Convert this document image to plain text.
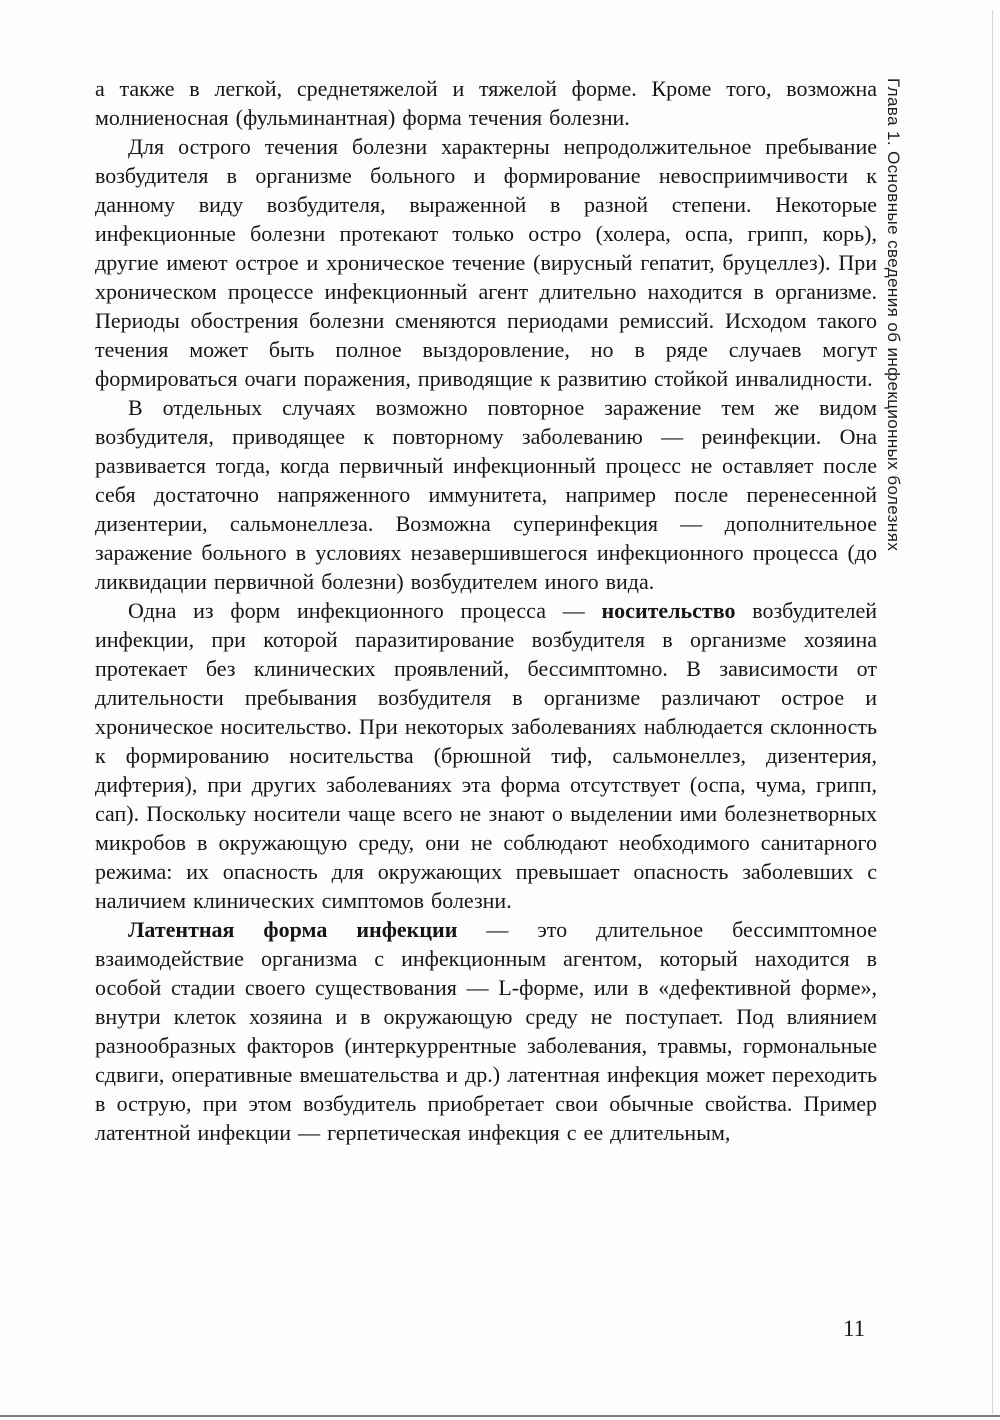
а также в легкой, среднетяжелой и тяжелой форме. Кроме того, возможна молниеносная (фульминантная) форма течения болезни.

Для острого течения болезни характерны непродолжительное пребывание возбудителя в организме больного и формирование невосприимчивости к данному виду возбудителя, выраженной в разной степени. Некоторые инфекционные болезни протекают только остро (холера, оспа, грипп, корь), другие имеют острое и хроническое течение (вирусный гепатит, бруцеллез). При хроническом процессе инфекционный агент длительно находится в организме. Периоды обострения болезни сменяются периодами ремиссий. Исходом такого течения может быть полное выздоровление, но в ряде случаев могут формироваться очаги поражения, приводящие к развитию стойкой инвалидности.

В отдельных случаях возможно повторное заражение тем же видом возбудителя, приводящее к повторному заболеванию — реинфекции. Она развивается тогда, когда первичный инфекционный процесс не оставляет после себя достаточно напряженного иммунитета, например после перенесенной дизентерии, сальмонеллеза. Возможна суперинфекция — дополнительное заражение больного в условиях незавершившегося инфекционного процесса (до ликвидации первичной болезни) возбудителем иного вида.

Одна из форм инфекционного процесса — носительство возбудителей инфекции, при которой паразитирование возбудителя в организме хозяина протекает без клинических проявлений, бессимптомно. В зависимости от длительности пребывания возбудителя в организме различают острое и хроническое носительство. При некоторых заболеваниях наблюдается склонность к формированию носительства (брюшной тиф, сальмонеллез, дизентерия, дифтерия), при других заболеваниях эта форма отсутствует (оспа, чума, грипп, сап). Поскольку носители чаще всего не знают о выделении ими болезнетворных микробов в окружающую среду, они не соблюдают необходимого санитарного режима: их опасность для окружающих превышает опасность заболевших с наличием клинических симптомов болезни.

Латентная форма инфекции — это длительное бессимптомное взаимодействие организма с инфекционным агентом, который находится в особой стадии своего существования — L-форме, или в «дефективной форме», внутри клеток хозяина и в окружающую среду не поступает. Под влиянием разнообразных факторов (интеркуррентные заболевания, травмы, гормональные сдвиги, оперативные вмешательства и др.) латентная инфекция может переходить в острую, при этом возбудитель приобретает свои обычные свойства. Пример латентной инфекции — герпетическая инфекция с ее длительным,

Глава 1. Основные сведения об инфекционных болезнях
11
